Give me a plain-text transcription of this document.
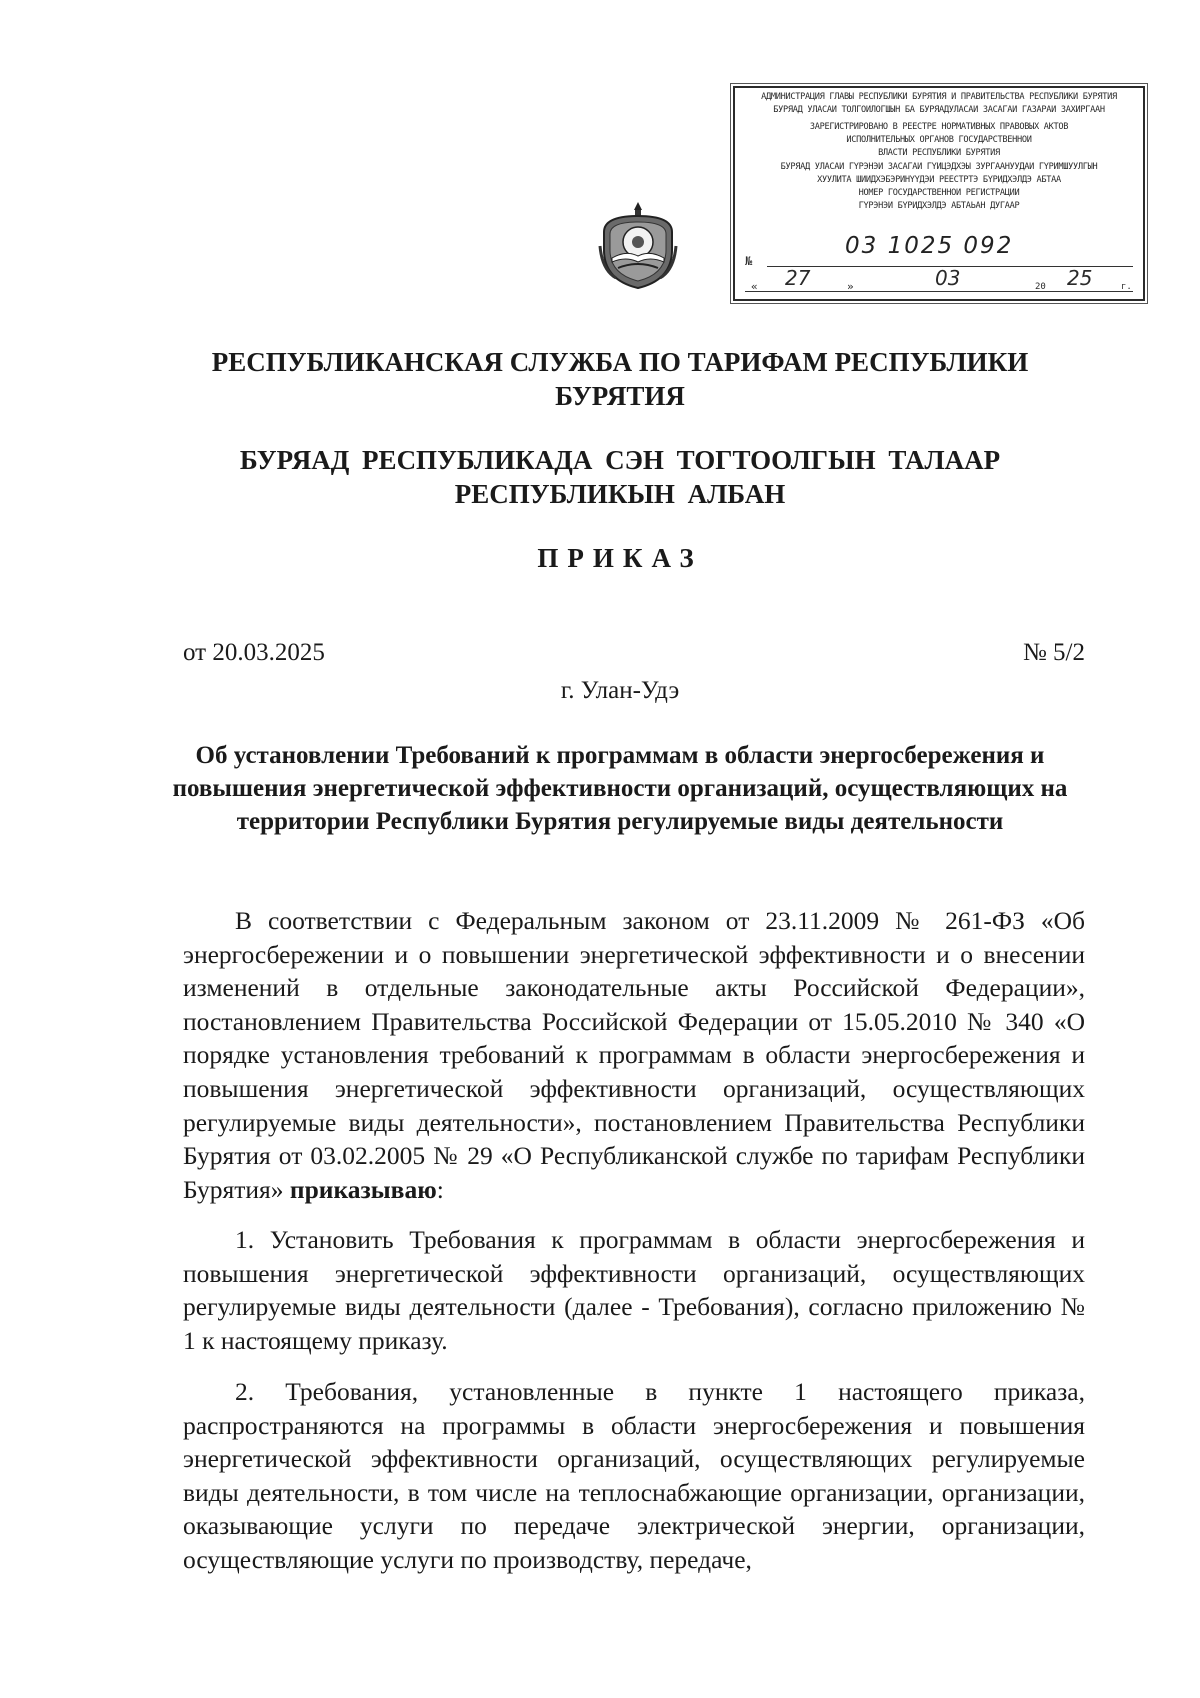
АДМИНИСТРАЦИЯ ГЛАВЫ РЕСПУБЛИКИ БУРЯТИЯ И ПРАВИТЕЛЬСТВА РЕСПУБЛИКИ БУРЯТИЯ
БУРЯАД УЛАСАЙ ТОЛГОЙЛОГШЫН БА БУРЯАДУЛАСАЙ ЗАСАГАЙ ГАЗАРАЙ ЗАХИРГААН
ЗАРЕГИСТРИРОВАНО В РЕЕСТРЕ НОРМАТИВНЫХ ПРАВОВЫХ АКТОВ
ИСПОЛНИТЕЛЬНЫХ ОРГАНОВ ГОСУДАРСТВЕННОЙ
ВЛАСТИ РЕСПУБЛИКИ БУРЯТИЯ
БУРЯАД УЛАСАЙ ГҮРЭНЭЙ ЗАСАГАЙ ГҮЙЦЭДХЭЫ ЗУРГААНУУДАЙ ГҮРИМШУУЛГЫН
ХУУЛИТА ШИИДХЭБЭРИНҮҮДЭЙ РЕЕСТРТЭ БҮРИДХЭЛДЭ АБТАА
НОМЕР ГОСУДАРСТВЕННОЙ РЕГИСТРАЦИИ
ГҮРЭНЭЙ БҮРИДХЭЛДЭ АБТАЬАН ДУГААР
03 1025 092
№
« 27	»	03	20 25	г.
РЕСПУБЛИКАНСКАЯ СЛУЖБА ПО ТАРИФАМ РЕСПУБЛИКИ БУРЯТИЯ
БУРЯАД РЕСПУБЛИКАДА СЭН ТОГТООЛГЫН ТАЛААР РЕСПУБЛИКЫН АЛБАН
ПРИКАЗ
от 20.03.2025	№ 5/2
г. Улан-Удэ
Об установлении Требований к программам в области энергосбережения и повышения энергетической эффективности организаций, осуществляющих на территории Республики Бурятия регулируемые виды деятельности
В соответствии с Федеральным законом от 23.11.2009 № 261-ФЗ «Об энергосбережении и о повышении энергетической эффективности и о внесении изменений в отдельные законодательные акты Российской Федерации», постановлением Правительства Российской Федерации от 15.05.2010 № 340 «О порядке установления требований к программам в области энергосбережения и повышения энергетической эффективности организаций, осуществляющих регулируемые виды деятельности», постановлением Правительства Республики Бурятия от 03.02.2005 № 29 «О Республиканской службе по тарифам Республики Бурятия» приказываю:
1. Установить Требования к программам в области энергосбережения и повышения энергетической эффективности организаций, осуществляющих регулируемые виды деятельности (далее - Требования), согласно приложению № 1 к настоящему приказу.
2. Требования, установленные в пункте 1 настоящего приказа, распространяются на программы в области энергосбережения и повышения энергетической эффективности организаций, осуществляющих регулируемые виды деятельности, в том числе на теплоснабжающие организации, организации, оказывающие услуги по передаче электрической энергии, организации, осуществляющие услуги по производству, передаче,
